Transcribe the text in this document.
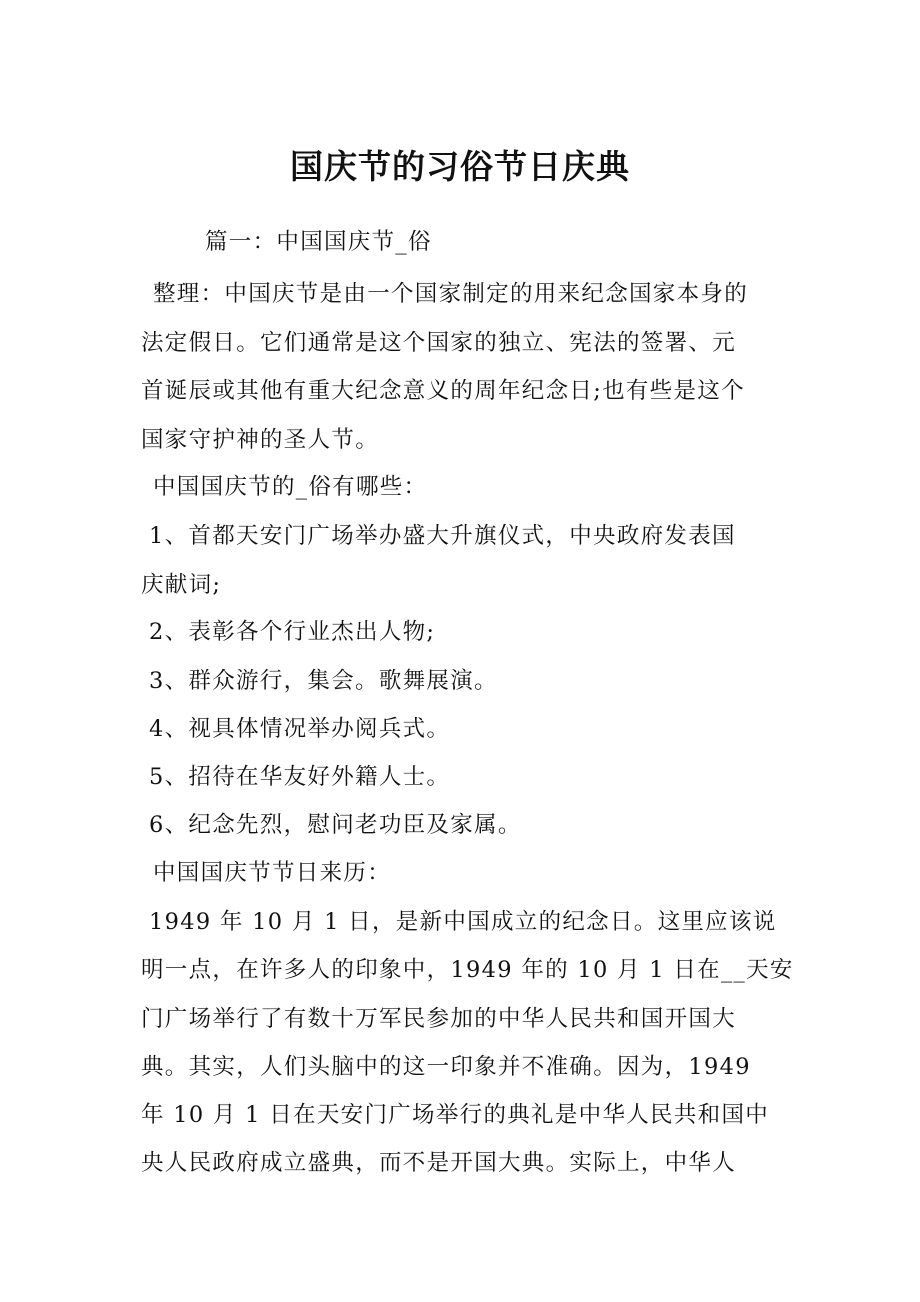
国庆节的习俗节日庆典
篇一：中国国庆节_俗
整理：中国庆节是由一个国家制定的用来纪念国家本身的
法定假日。它们通常是这个国家的独立、宪法的签署、元
首诞辰或其他有重大纪念意义的周年纪念日;也有些是这个
国家守护神的圣人节。
中国国庆节的_俗有哪些：
1、首都天安门广场举办盛大升旗仪式，中央政府发表国
庆献词;
2、表彰各个行业杰出人物;
3、群众游行，集会。歌舞展演。
4、视具体情况举办阅兵式。
5、招待在华友好外籍人士。
6、纪念先烈，慰问老功臣及家属。
中国国庆节节日来历：
1949 年 10 月 1 日，是新中国成立的纪念日。这里应该说
明一点，在许多人的印象中，1949 年的 10 月 1 日在__天安
门广场举行了有数十万军民参加的中华人民共和国开国大
典。其实，人们头脑中的这一印象并不准确。因为，1949
年 10 月 1 日在天安门广场举行的典礼是中华人民共和国中
央人民政府成立盛典，而不是开国大典。实际上，中华人
